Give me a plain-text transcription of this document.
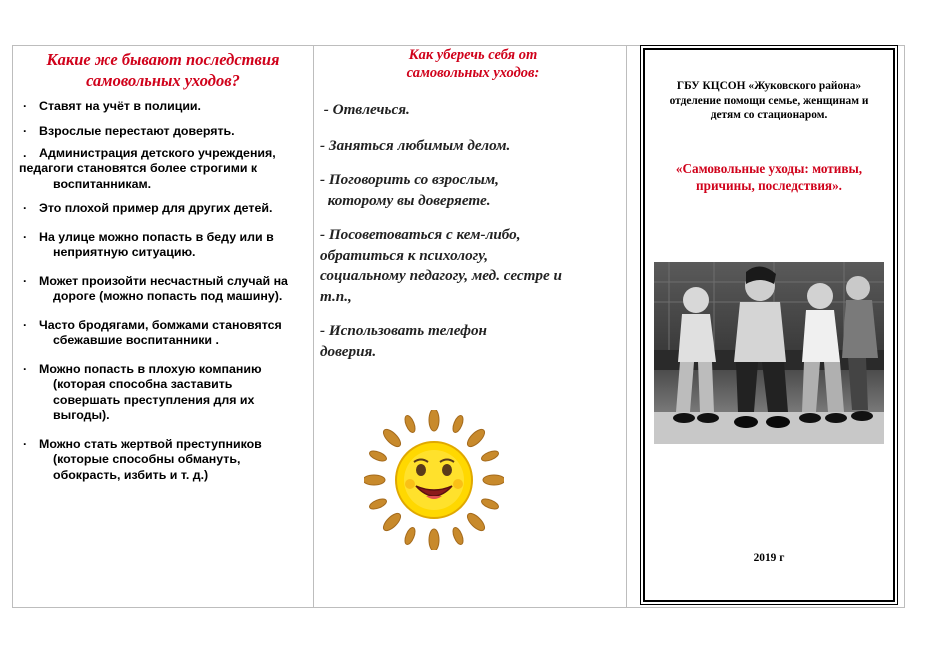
Какие же бывают последствия самовольных уходов?
· Ставят на учёт в полиции.
· Взрослые перестают доверять.
. Администрация детского учреждения,
педагоги становятся более строгими к
воспитанникам.
· Это плохой пример для других детей.
· На улице можно попасть в беду или в
неприятную ситуацию.
· Может произойти несчастный случай на
дороге (можно попасть под машину).
· Часто бродягами, бомжами становятся
сбежавшие воспитанники .
· Можно попасть в плохую компанию
(которая способна заставить
совершать преступления для их
выгоды).
· Можно стать жертвой преступников
(которые способны обмануть,
обокрасть, избить и т. д.)
Как уберечь себя от
самовольных уходов:
- Отвлечься.
- Заняться любимым делом.
- Поговорить со взрослым,
которому вы доверяете.
- Посоветоваться с кем-либо,
обратиться к психологу,
социальному педагогу, мед. сестре и
т.п.,
- Использовать телефон
доверия.
ГБУ КЦСОН «Жуковского района»
отделение помощи семье, женщинам и
детям со стационаром.
«Самовольные уходы: мотивы,
причины, последствия».
2019 г
